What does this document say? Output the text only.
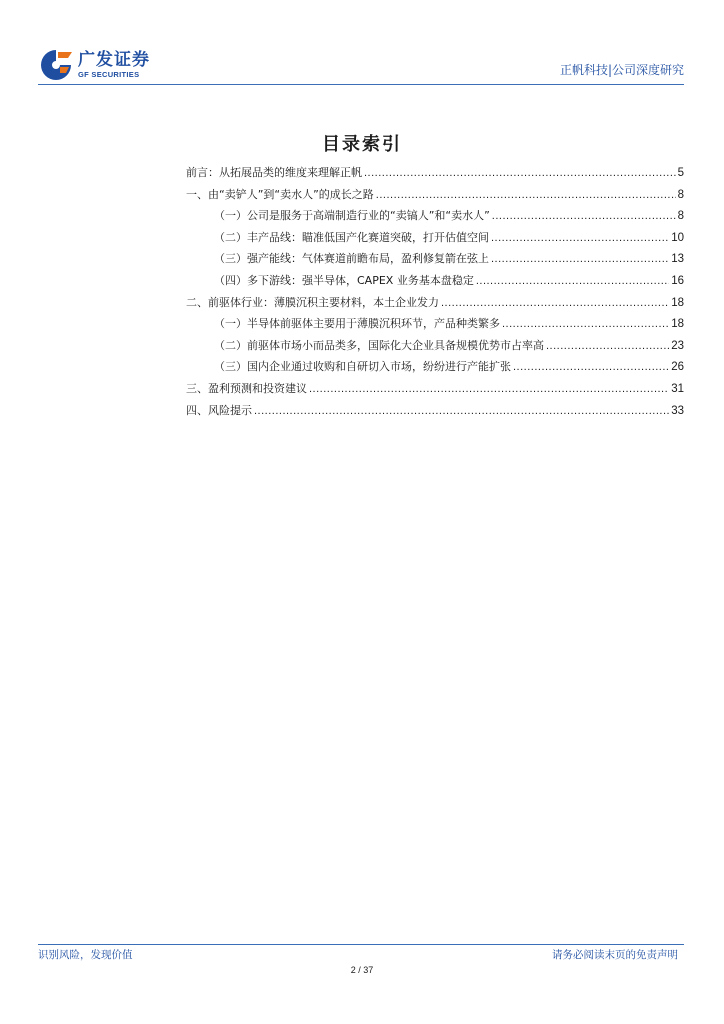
广发证券
GF SECURITIES	正帆科技|公司深度研究
目录索引
前言：从拓展品类的维度来理解正帆 .....	5
一、由“卖铲人”到“卖水人”的成长之路 .....	8
（一）公司是服务于高端制造行业的“卖镐人”和“卖水人” .....	8
（二）丰产品线：瞄准低国产化赛道突破，打开估值空间 .....	10
（三）强产能线：气体赛道前瞻布局，盈利修复箭在弦上 .....	13
（四）多下游线：强半导体，CAPEX 业务基本盘稳定 .....	16
二、前驱体行业：薄膜沉积主要材料，本土企业发力 .....	18
（一）半导体前驱体主要用于薄膜沉积环节，产品种类繁多 .....	18
（二）前驱体市场小而品类多，国际化大企业具备规模优势市占率高 .....	23
（三）国内企业通过收购和自研切入市场，纷纷进行产能扩张 .....	26
三、盈利预测和投资建议 .....	31
四、风险提示 .....	33
识别风险，发现价值	请务必阅读末页的免责声明
2 / 37
